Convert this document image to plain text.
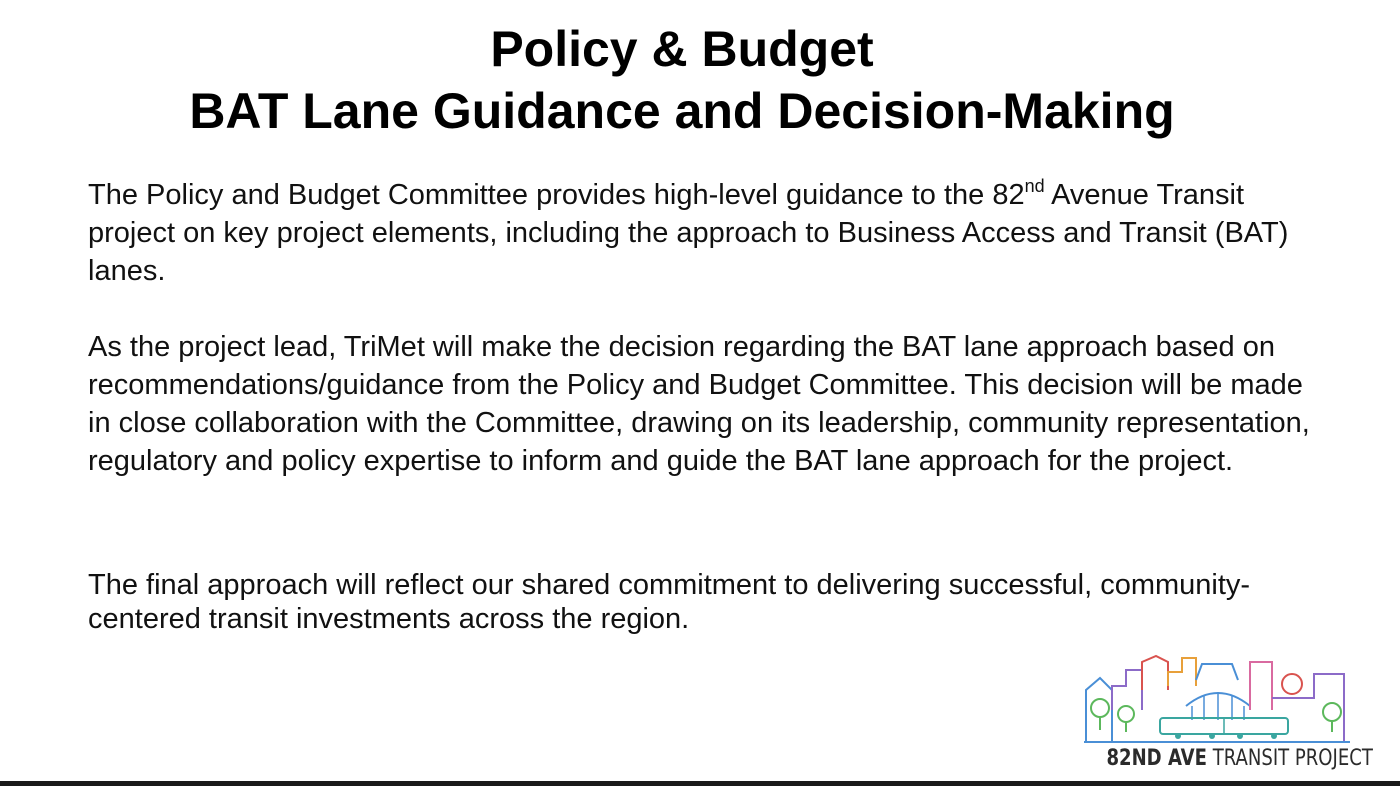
Policy & Budget
BAT Lane Guidance and Decision-Making
The Policy and Budget Committee provides high-level guidance to the 82nd Avenue Transit project on key project elements, including the approach to Business Access and Transit (BAT) lanes.
As the project lead, TriMet will make the decision regarding the BAT lane approach based on recommendations/guidance from the Policy and Budget Committee. This decision will be made in close collaboration with the Committee, drawing on its leadership, community representation, regulatory and policy expertise to inform and guide the BAT lane approach for the project.
The final approach will reflect our shared commitment to delivering successful, community-centered transit investments across the region.
82ND AVE TRANSIT PROJECT
